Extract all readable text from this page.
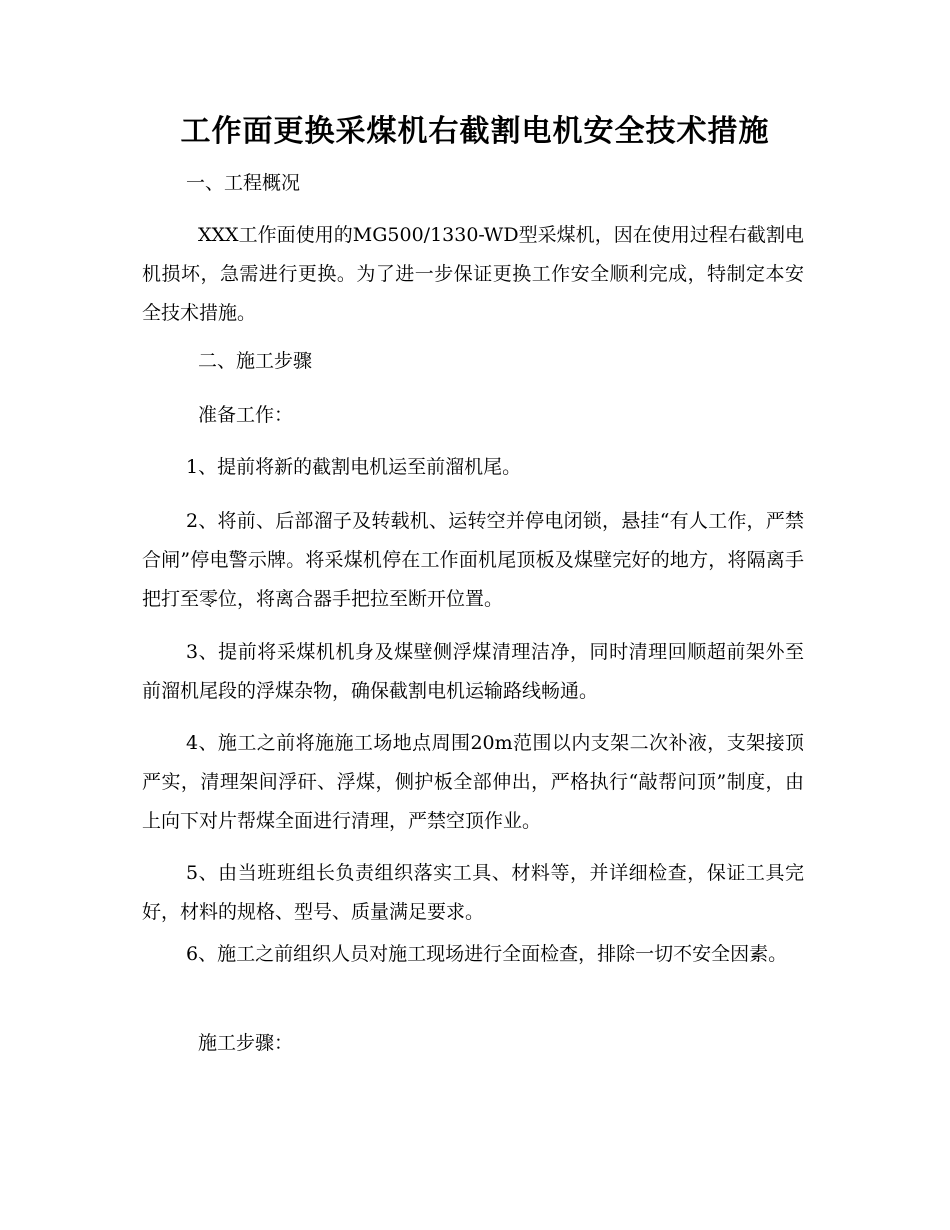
工作面更换采煤机右截割电机安全技术措施
一、工程概况
XXX工作面使用的MG500/1330-WD型采煤机，因在使用过程右截割电机损坏，急需进行更换。为了进一步保证更换工作安全顺利完成，特制定本安全技术措施。
二、施工步骤
准备工作：
1、提前将新的截割电机运至前溜机尾。
2、将前、后部溜子及转载机、运转空并停电闭锁，悬挂“有人工作，严禁合闸”停电警示牌。将采煤机停在工作面机尾顶板及煤壁完好的地方，将隔离手把打至零位，将离合器手把拉至断开位置。
3、提前将采煤机机身及煤壁侧浮煤清理洁净，同时清理回顺超前架外至前溜机尾段的浮煤杂物，确保截割电机运输路线畅通。
4、施工之前将施施工场地点周围20m范围以内支架二次补液，支架接顶严实，清理架间浮矸、浮煤，侧护板全部伸出，严格执行“敲帮问顶”制度，由上向下对片帮煤全面进行清理，严禁空顶作业。
5、由当班班组长负责组织落实工具、材料等，并详细检查，保证工具完好，材料的规格、型号、质量满足要求。
6、施工之前组织人员对施工现场进行全面检查，排除一切不安全因素。
施工步骤：
